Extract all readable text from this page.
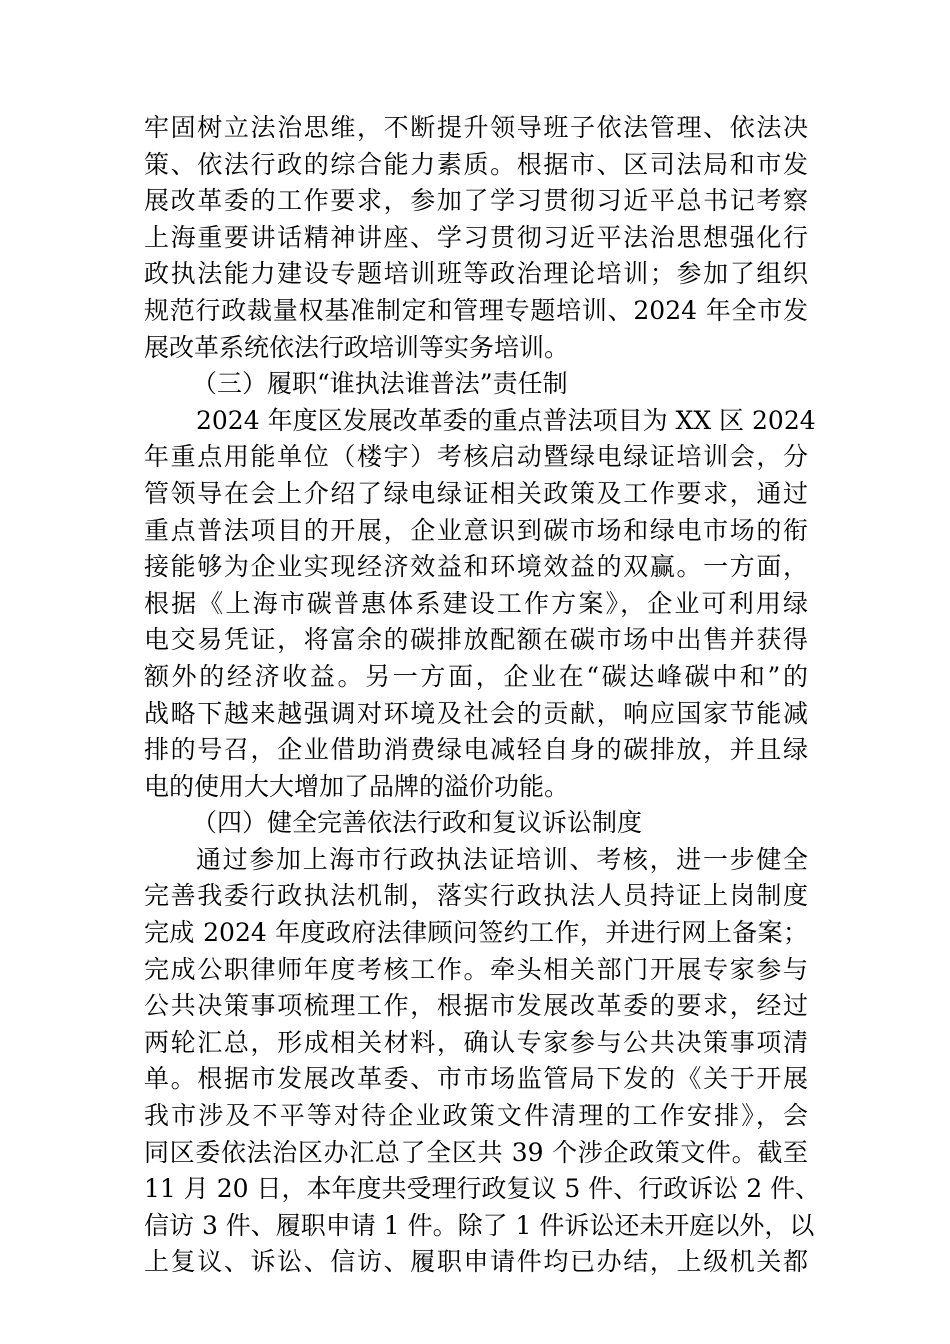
牢固树立法治思维，不断提升领导班子依法管理、依法决
策、依法行政的综合能力素质。根据市、区司法局和市发
展改革委的工作要求，参加了学习贯彻习近平总书记考察
上海重要讲话精神讲座、学习贯彻习近平法治思想强化行
政执法能力建设专题培训班等政治理论培训；参加了组织
规范行政裁量权基准制定和管理专题培训、2024 年全市发
展改革系统依法行政培训等实务培训。
（三）履职“谁执法谁普法”责任制
2024 年度区发展改革委的重点普法项目为 XX 区 2024
年重点用能单位（楼宇）考核启动暨绿电绿证培训会，分
管领导在会上介绍了绿电绿证相关政策及工作要求，通过
重点普法项目的开展，企业意识到碳市场和绿电市场的衔
接能够为企业实现经济效益和环境效益的双赢。一方面，
根据《上海市碳普惠体系建设工作方案》，企业可利用绿
电交易凭证，将富余的碳排放配额在碳市场中出售并获得
额外的经济收益。另一方面，企业在“碳达峰碳中和”的
战略下越来越强调对环境及社会的贡献，响应国家节能减
排的号召，企业借助消费绿电减轻自身的碳排放，并且绿
电的使用大大增加了品牌的溢价功能。
（四）健全完善依法行政和复议诉讼制度
通过参加上海市行政执法证培训、考核，进一步健全
完善我委行政执法机制，落实行政执法人员持证上岗制度
完成 2024 年度政府法律顾问签约工作，并进行网上备案；
完成公职律师年度考核工作。牵头相关部门开展专家参与
公共决策事项梳理工作，根据市发展改革委的要求，经过
两轮汇总，形成相关材料，确认专家参与公共决策事项清
单。根据市发展改革委、市市场监管局下发的《关于开展
我市涉及不平等对待企业政策文件清理的工作安排》，会
同区委依法治区办汇总了全区共 39 个涉企政策文件。截至
11 月 20 日，本年度共受理行政复议 5 件、行政诉讼 2 件、
信访 3 件、履职申请 1 件。除了 1 件诉讼还未开庭以外，以
上复议、诉讼、信访、履职申请件均已办结，上级机关都
